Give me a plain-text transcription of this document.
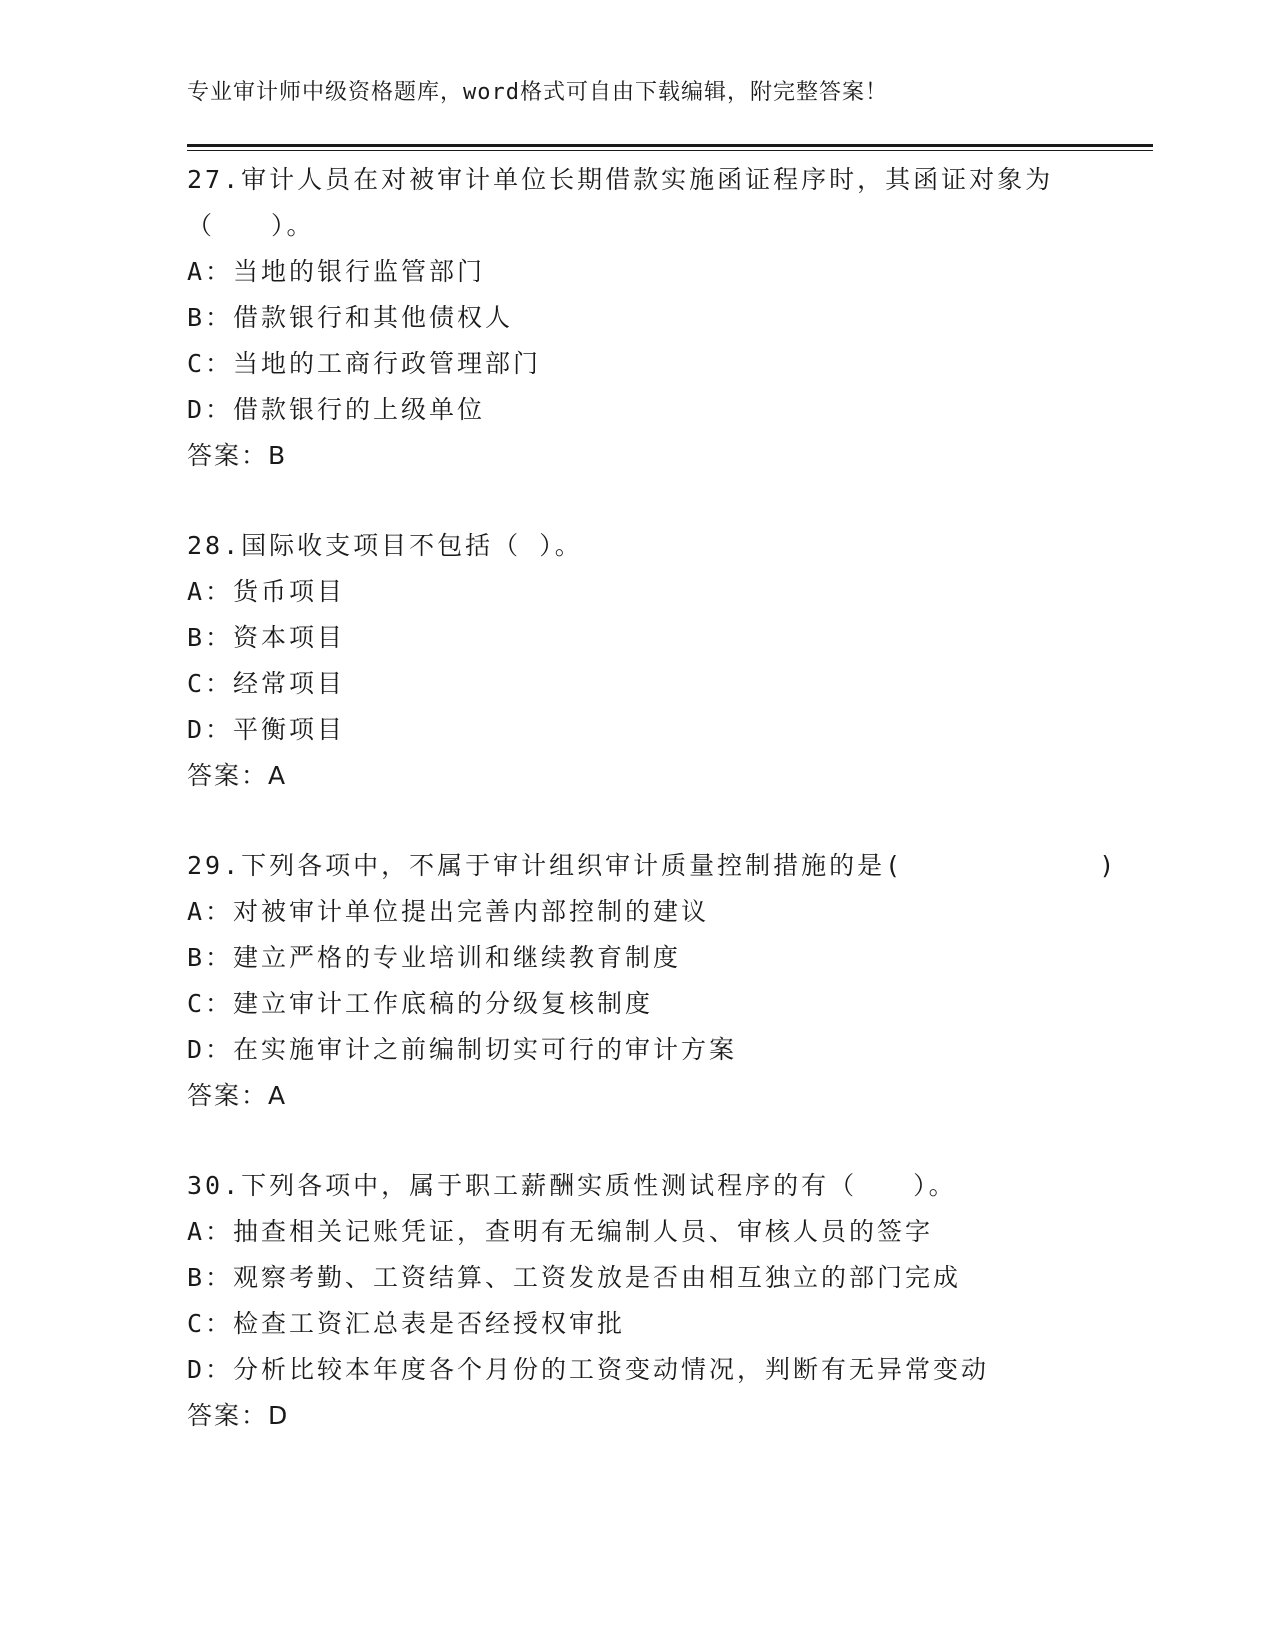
专业审计师中级资格题库，word格式可自由下载编辑，附完整答案！
27.审计人员在对被审计单位长期借款实施函证程序时，其函证对象为
（　　）。
A：当地的银行监管部门
B：借款银行和其他债权人
C：当地的工商行政管理部门
D：借款银行的上级单位
答案：B
28.国际收支项目不包括（ ）。
A：货币项目
B：资本项目
C：经常项目
D：平衡项目
答案：A
29.下列各项中，不属于审计组织审计质量控制措施的是(　　　　　　　)
A：对被审计单位提出完善内部控制的建议
B：建立严格的专业培训和继续教育制度
C：建立审计工作底稿的分级复核制度
D：在实施审计之前编制切实可行的审计方案
答案：A
30.下列各项中，属于职工薪酬实质性测试程序的有（　　）。
A：抽查相关记账凭证，查明有无编制人员、审核人员的签字
B：观察考勤、工资结算、工资发放是否由相互独立的部门完成
C：检查工资汇总表是否经授权审批
D：分析比较本年度各个月份的工资变动情况，判断有无异常变动
答案：D
